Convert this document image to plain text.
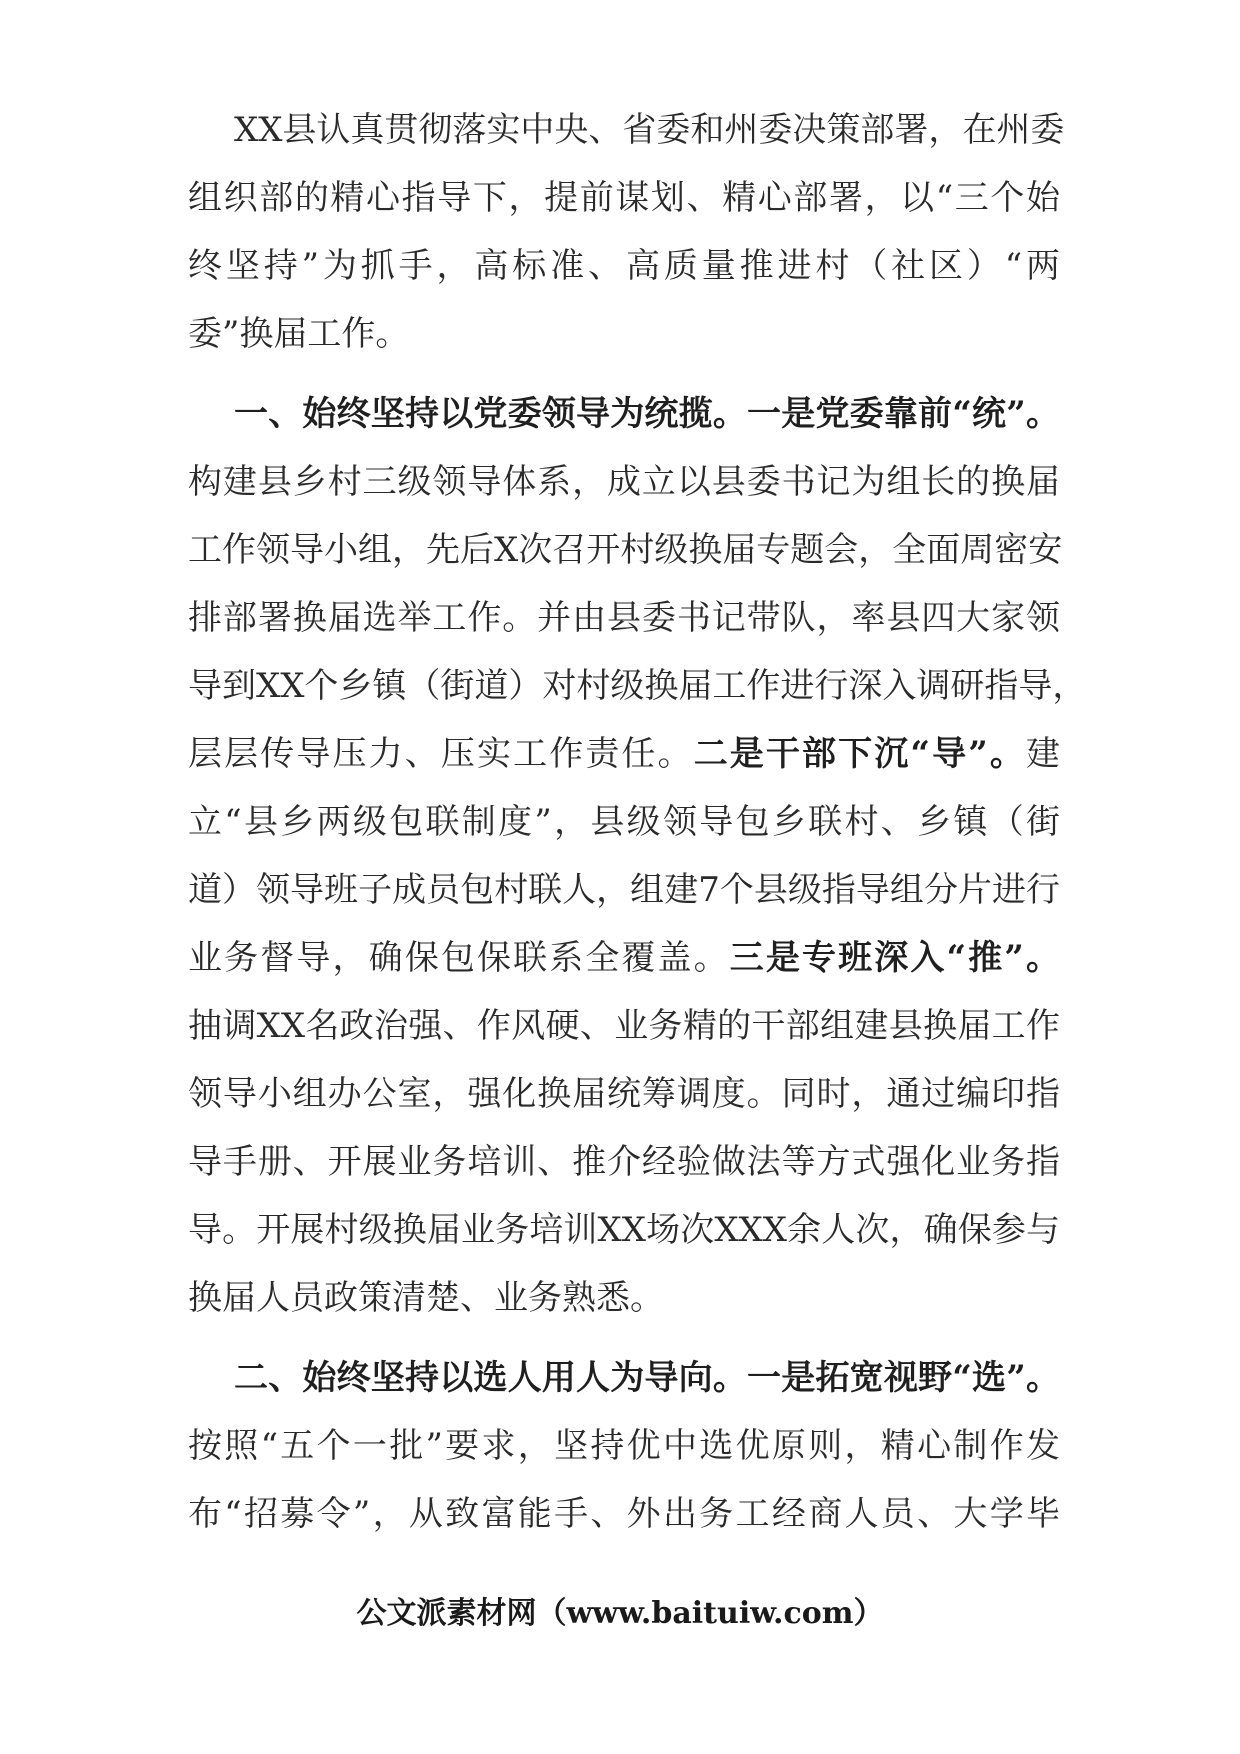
XX县认真贯彻落实中央、省委和州委决策部署，在州委
组织部的精心指导下，提前谋划、精心部署，以“三个始
终坚持”为抓手，高标准、高质量推进村（社区）“两
委”换届工作。
一、始终坚持以党委领导为统揽。一是党委靠前“统”。
构建县乡村三级领导体系，成立以县委书记为组长的换届
工作领导小组，先后X次召开村级换届专题会，全面周密安
排部署换届选举工作。并由县委书记带队，率县四大家领
导到XX个乡镇（街道）对村级换届工作进行深入调研指导，
层层传导压力、压实工作责任。二是干部下沉“导”。建
立“县乡两级包联制度”，县级领导包乡联村、乡镇（街
道）领导班子成员包村联人，组建7个县级指导组分片进行
业务督导，确保包保联系全覆盖。三是专班深入“推”。
抽调XX名政治强、作风硬、业务精的干部组建县换届工作
领导小组办公室，强化换届统筹调度。同时，通过编印指
导手册、开展业务培训、推介经验做法等方式强化业务指
导。开展村级换届业务培训XX场次XXX余人次，确保参与
换届人员政策清楚、业务熟悉。
二、始终坚持以选人用人为导向。一是拓宽视野“选”。
按照“五个一批”要求，坚持优中选优原则，精心制作发
布“招募令”，从致富能手、外出务工经商人员、大学毕
公文派素材网（www.baituiw.com）
